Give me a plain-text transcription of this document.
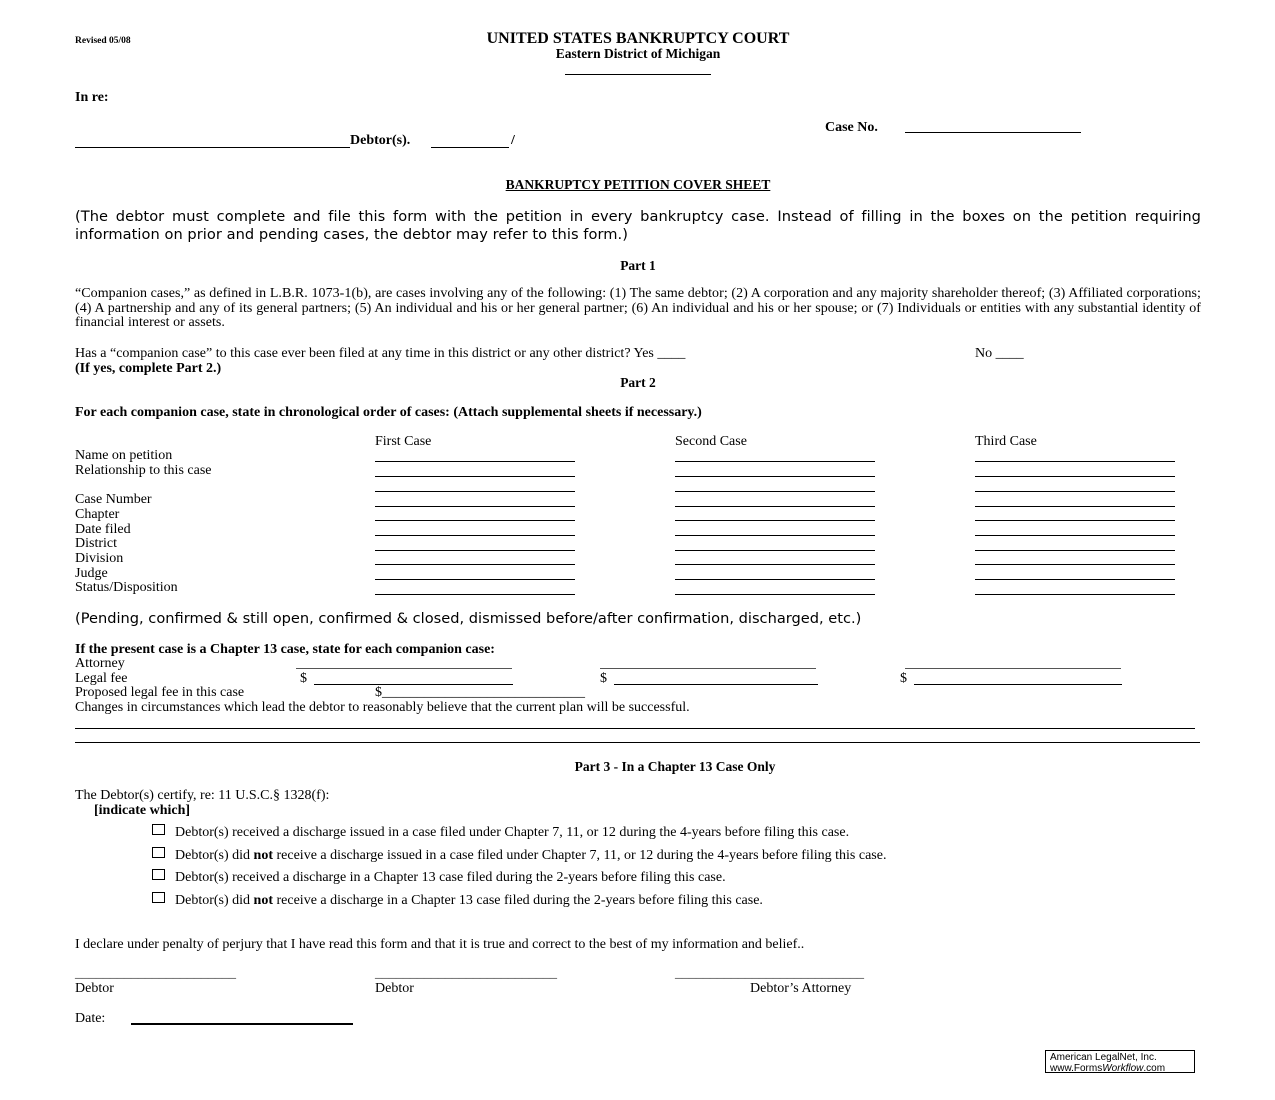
Revised 05/08	UNITED STATES BANKRUPTCY COURT
Eastern District of Michigan
In re:
Case No.
Debtor(s).	/
BANKRUPTCY PETITION COVER SHEET
(The debtor must complete and file this form with the petition in every bankruptcy case. Instead of filling in the boxes on the petition requiring information on prior and pending cases, the debtor may refer to this form.)
Part 1
“Companion cases,” as defined in L.B.R. 1073-1(b), are cases involving any of the following: (1) The same debtor; (2) A corporation and any majority shareholder thereof; (3) Affiliated corporations; (4) A partnership and any of its general partners; (5) An individual and his or her general partner; (6) An individual and his or her spouse; or (7) Individuals or entities with any substantial identity of financial interest or assets.
Has a “companion case” to this case ever been filed at any time in this district or any other district? Yes ____	No ____
(If yes, complete Part 2.)
Part 2
For each companion case, state in chronological order of cases: (Attach supplemental sheets if necessary.)
First Case	Second Case	Third Case
Name on petition
Relationship to this case
Case Number
Chapter
Date filed
District
Division
Judge
Status/Disposition
(Pending, confirmed & still open, confirmed & closed, dismissed before/after confirmation, discharged, etc.)
If the present case is a Chapter 13 case, state for each companion case:
Attorney
Legal fee	$	$	$
Proposed legal fee in this case	$_____________________________
Changes in circumstances which lead the debtor to reasonably believe that the current plan will be successful.
Part 3 - In a Chapter 13 Case Only
The Debtor(s) certify, re: 11 U.S.C.§ 1328(f):
[indicate which]
Debtor(s) received a discharge issued in a case filed under Chapter 7, 11, or 12 during the 4-years before filing this case.
Debtor(s) did not receive a discharge issued in a case filed under Chapter 7, 11, or 12 during the 4-years before filing this case.
Debtor(s) received a discharge in a Chapter 13 case filed during the 2-years before filing this case.
Debtor(s) did not receive a discharge in a Chapter 13 case filed during the 2-years before filing this case.
I declare under penalty of perjury that I have read this form and that it is true and correct to the best of my information and belief..
_______________________	__________________________	___________________________
Debtor	Debtor	Debtor’s Attorney
Date:
American LegalNet, Inc.
www.FormsWorkflow.com
